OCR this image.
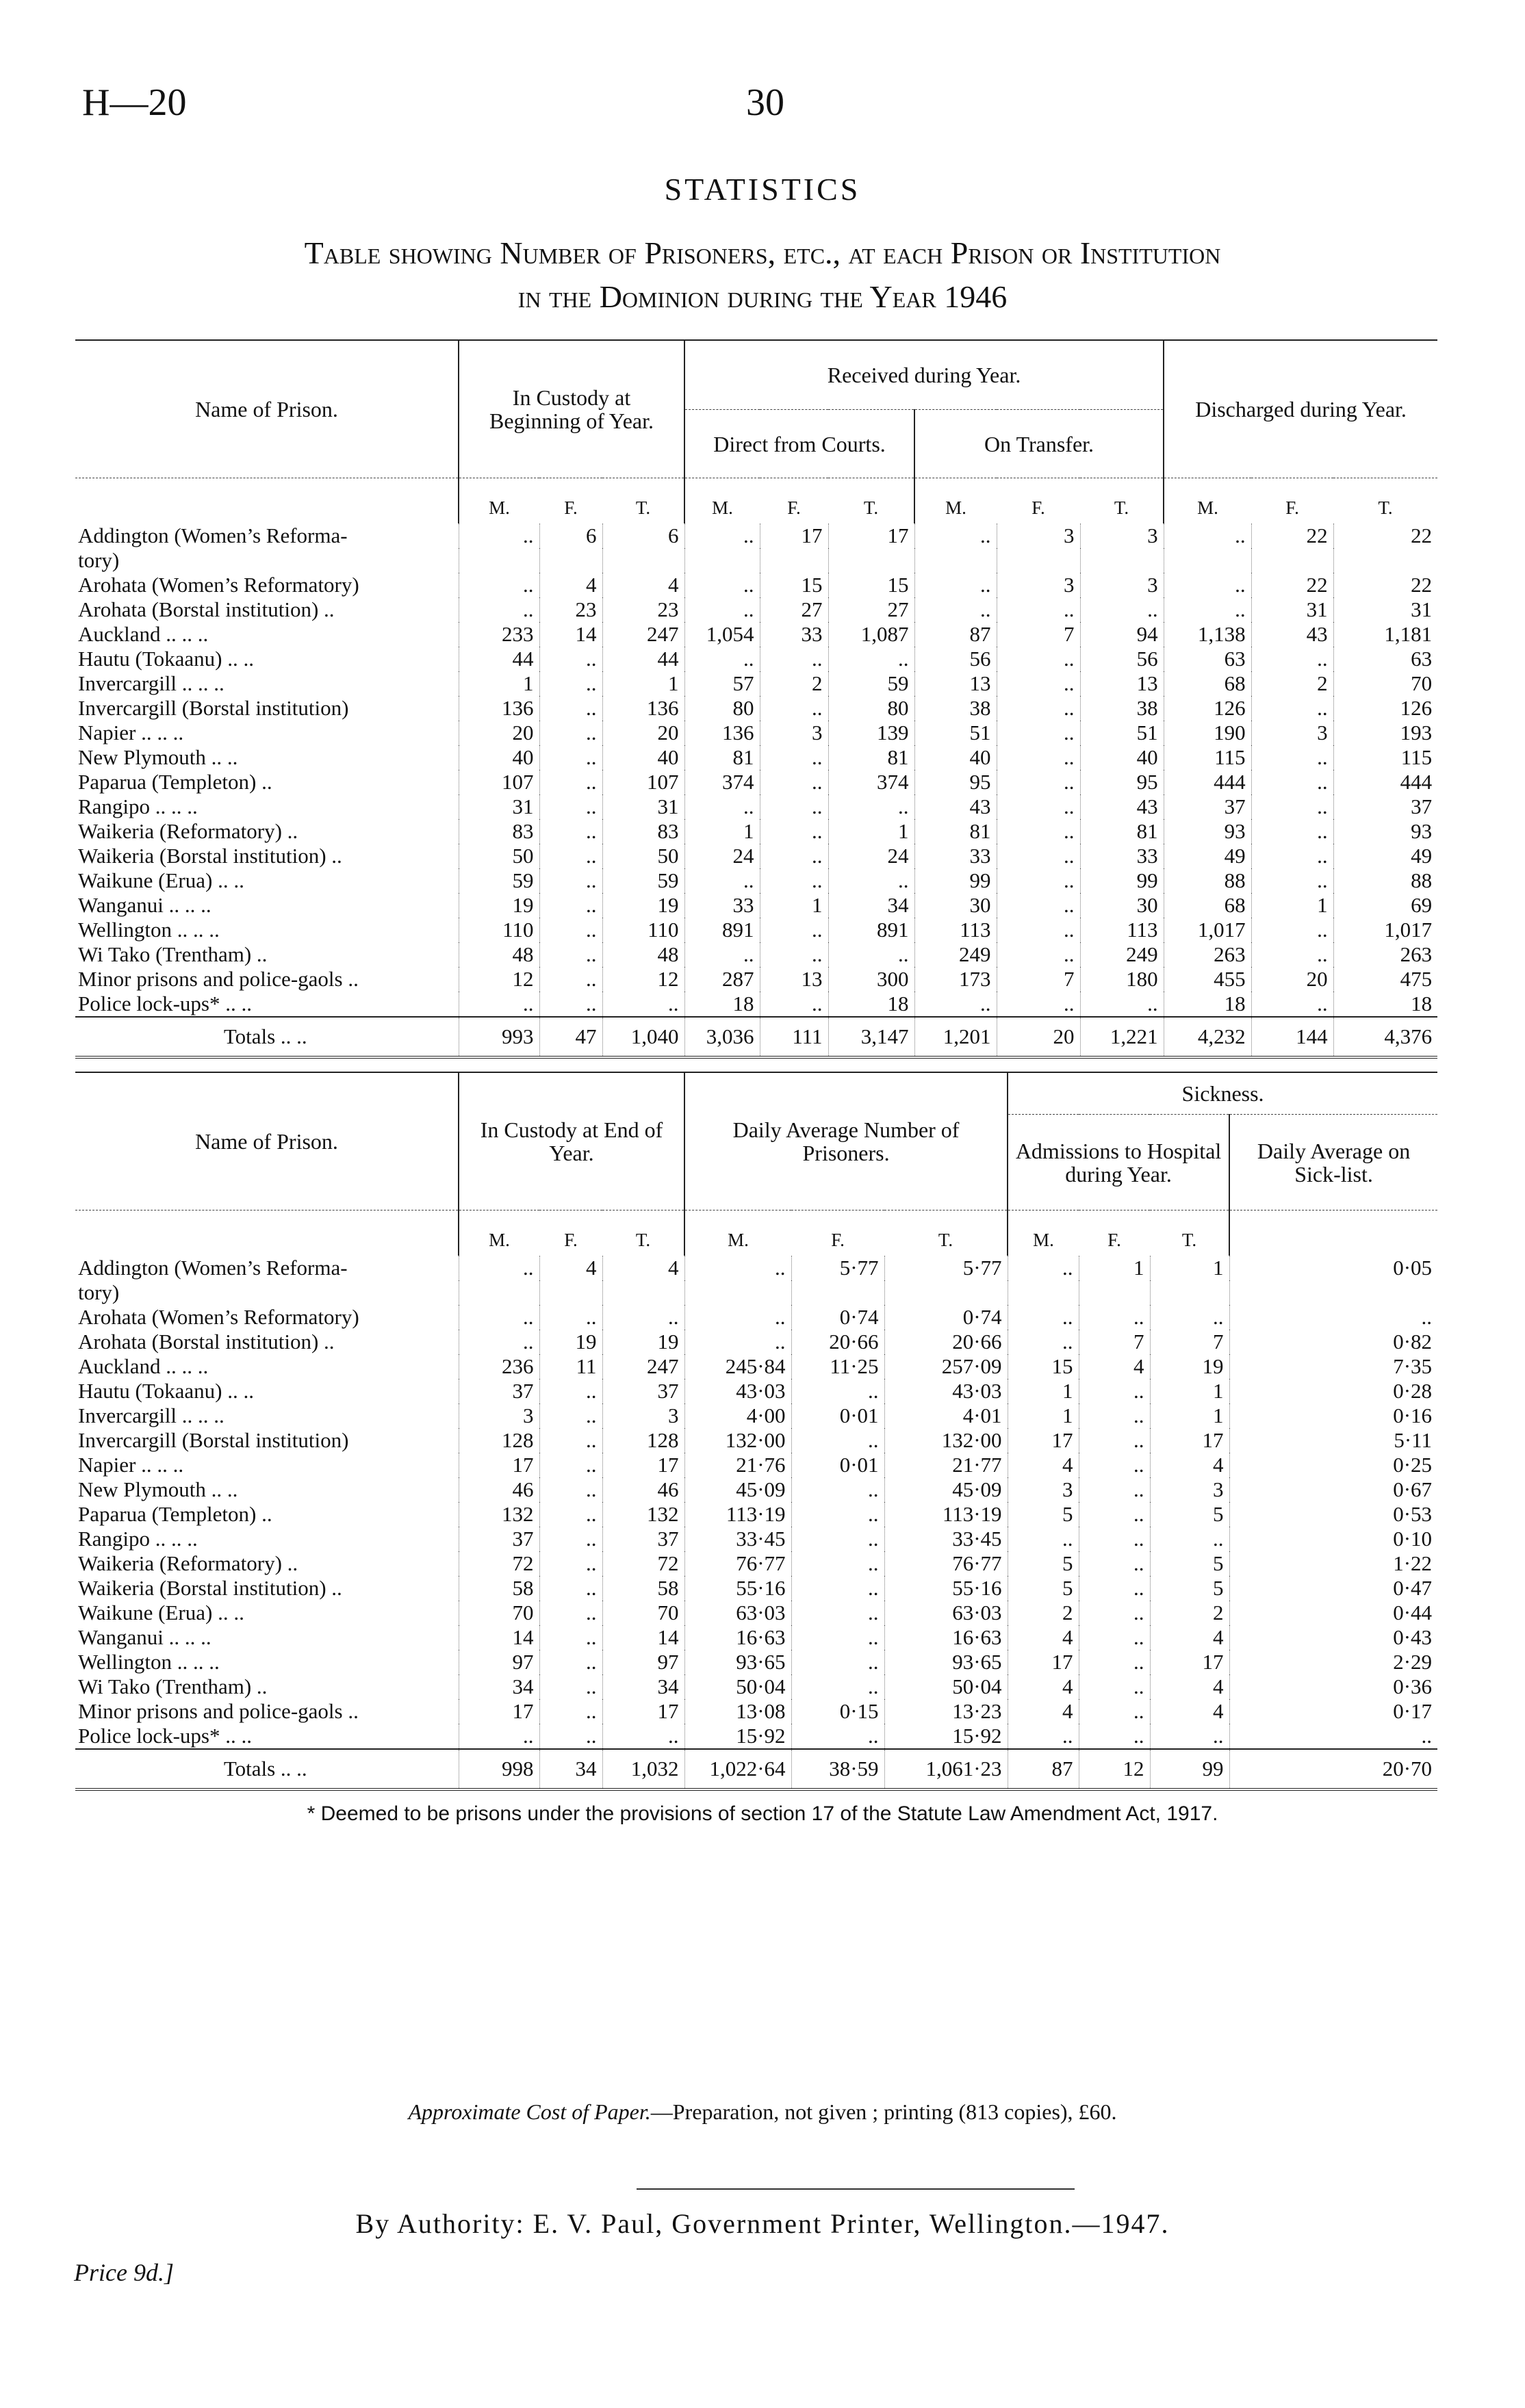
H—20	30
STATISTICS
Table showing Number of Prisoners, etc., at each Prison or Institution
in the Dominion during the Year 1946
Name of Prison.	In Custody at Beginning of Year.			Received during Year.						Discharged during Year.		
				Direct from Courts.			On Transfer.					
	M.	F.	T.	M.	F.	T.	M.	F.	T.	M.	F.	T.

Addington (Women’s Reforma-	..	6	6	..	17	17	..	3	3	..	22	22
tory)												
Arohata (Women’s Reformatory)	..	4	4	..	15	15	..	3	3	..	22	22
Arohata (Borstal institution) ..	..	23	23	..	27	27	..	..	..	..	31	31
Auckland .. .. ..	233	14	247	1,054	33	1,087	87	7	94	1,138	43	1,181
Hautu (Tokaanu) .. ..	44	..	44	..	..	..	56	..	56	63	..	63
Invercargill .. .. ..	1	..	1	57	2	59	13	..	13	68	2	70
Invercargill (Borstal institution)	136	..	136	80	..	80	38	..	38	126	..	126
Napier .. .. ..	20	..	20	136	3	139	51	..	51	190	3	193
New Plymouth .. ..	40	..	40	81	..	81	40	..	40	115	..	115
Paparua (Templeton) ..	107	..	107	374	..	374	95	..	95	444	..	444
Rangipo .. .. ..	31	..	31	..	..	..	43	..	43	37	..	37
Waikeria (Reformatory) ..	83	..	83	1	..	1	81	..	81	93	..	93
Waikeria (Borstal institution) ..	50	..	50	24	..	24	33	..	33	49	..	49
Waikune (Erua) .. ..	59	..	59	..	..	..	99	..	99	88	..	88
Wanganui .. .. ..	19	..	19	33	1	34	30	..	30	68	1	69
Wellington .. .. ..	110	..	110	891	..	891	113	..	113	1,017	..	1,017
Wi Tako (Trentham) ..	48	..	48	..	..	..	249	..	249	263	..	263
Minor prisons and police-gaols ..	12	..	12	287	13	300	173	7	180	455	20	475
Police lock-ups* .. ..	..	..	..	18	..	18	..	..	..	18	..	18
Totals .. ..	993	47	1,040	3,036	111	3,147	1,201	20	1,221	4,232	144	4,376
Name of Prison.	In Custody at End of Year.			Daily Average Number of Prisoners.			Sickness.			
							Admissions to Hospital during Year.			Daily Average on Sick-list.
	M.	F.	T.	M.	F.	T.	M.	F.	T.	

Addington (Women’s Reforma-	..	4	4	..	5·77	5·77	..	1	1	0·05
tory)										
Arohata (Women’s Reformatory)	..	..	..	..	0·74	0·74	..	..	..	..
Arohata (Borstal institution) ..	..	19	19	..	20·66	20·66	..	7	7	0·82
Auckland .. .. ..	236	11	247	245·84	11·25	257·09	15	4	19	7·35
Hautu (Tokaanu) .. ..	37	..	37	43·03	..	43·03	1	..	1	0·28
Invercargill .. .. ..	3	..	3	4·00	0·01	4·01	1	..	1	0·16
Invercargill (Borstal institution)	128	..	128	132·00	..	132·00	17	..	17	5·11
Napier .. .. ..	17	..	17	21·76	0·01	21·77	4	..	4	0·25
New Plymouth .. ..	46	..	46	45·09	..	45·09	3	..	3	0·67
Paparua (Templeton) ..	132	..	132	113·19	..	113·19	5	..	5	0·53
Rangipo .. .. ..	37	..	37	33·45	..	33·45	..	..	..	0·10
Waikeria (Reformatory) ..	72	..	72	76·77	..	76·77	5	..	5	1·22
Waikeria (Borstal institution) ..	58	..	58	55·16	..	55·16	5	..	5	0·47
Waikune (Erua) .. ..	70	..	70	63·03	..	63·03	2	..	2	0·44
Wanganui .. .. ..	14	..	14	16·63	..	16·63	4	..	4	0·43
Wellington .. .. ..	97	..	97	93·65	..	93·65	17	..	17	2·29
Wi Tako (Trentham) ..	34	..	34	50·04	..	50·04	4	..	4	0·36
Minor prisons and police-gaols ..	17	..	17	13·08	0·15	13·23	4	..	4	0·17
Police lock-ups* .. ..	..	..	..	15·92	..	15·92	..	..	..	..
Totals .. ..	998	34	1,032	1,022·64	38·59	1,061·23	87	12	99	20·70
* Deemed to be prisons under the provisions of section 17 of the Statute Law Amendment Act, 1917.
Approximate Cost of Paper.—Preparation, not given ; printing (813 copies), £60.
By Authority: E. V. Paul, Government Printer, Wellington.—1947.
Price 9d.]
